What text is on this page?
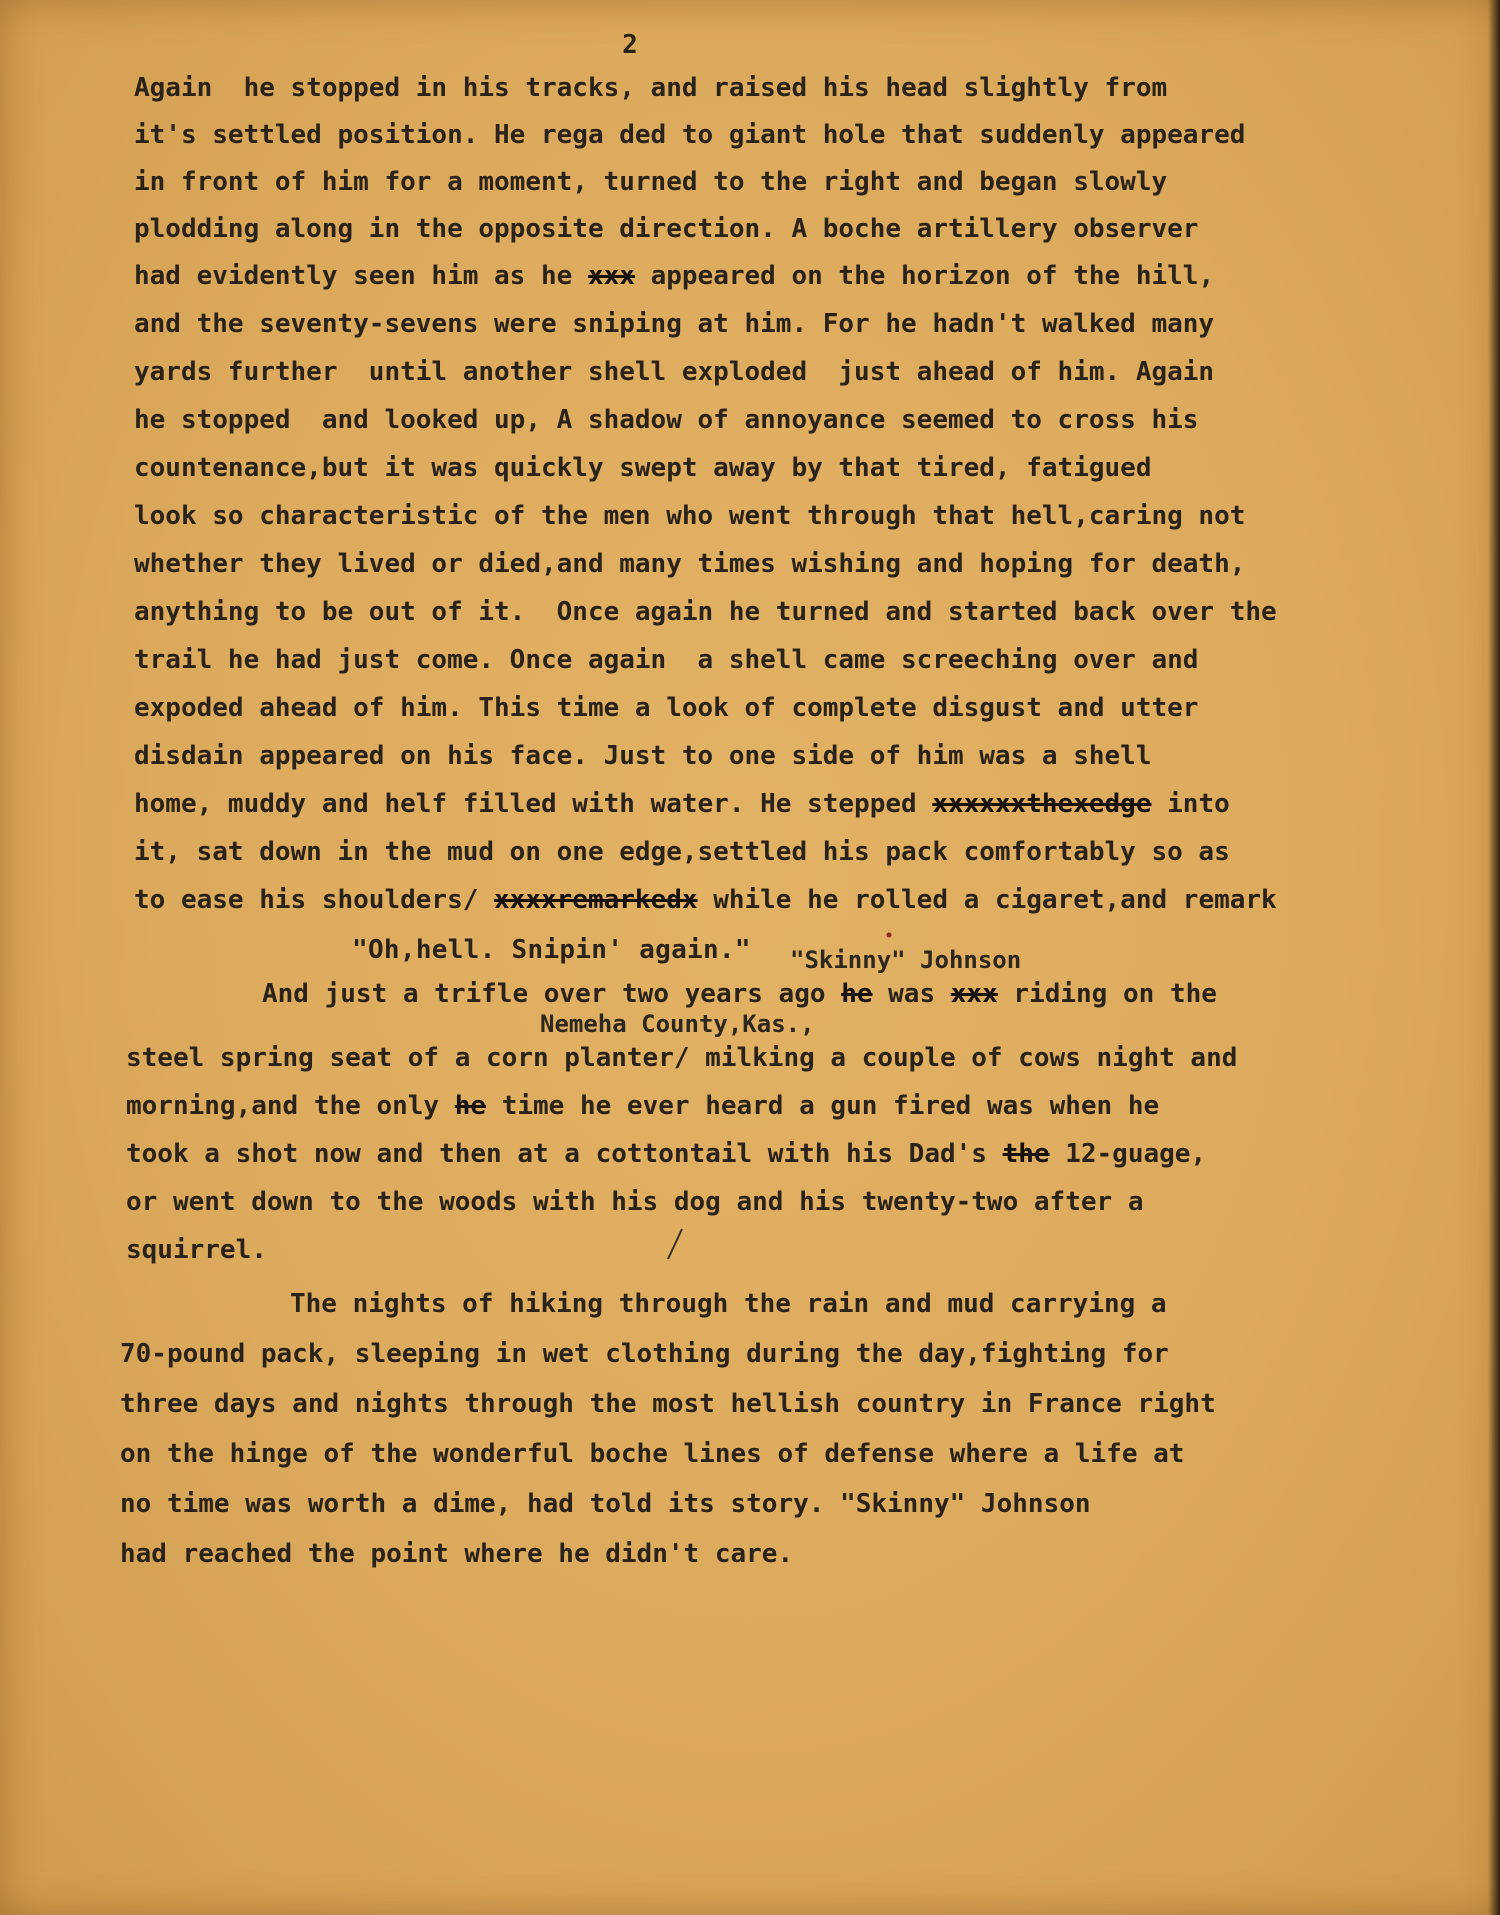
2
Again  he stopped in his tracks, and raised his head slightly from
it's settled position. He rega ded to giant hole that suddenly appeared
in front of him for a moment, turned to the right and began slowly
plodding along in the opposite direction. A boche artillery observer
had evidently seen him as he xxx appeared on the horizon of the hill,
and the seventy-sevens were sniping at him. For he hadn't walked many
yards further  until another shell exploded  just ahead of him. Again
he stopped  and looked up, A shadow of annoyance seemed to cross his
countenance,but it was quickly swept away by that tired, fatigued
look so characteristic of the men who went through that hell,caring not
whether they lived or died,and many times wishing and hoping for death,
anything to be out of it.  Once again he turned and started back over the
trail he had just come. Once again  a shell came screeching over and
expoded ahead of him. This time a look of complete disgust and utter
disdain appeared on his face. Just to one side of him was a shell
home, muddy and helf filled with water. He stepped xxxxxxthexedge into
it, sat down in the mud on one edge,settled his pack comfortably so as
to ease his shoulders/ xxxxremarkedx while he rolled a cigaret,and remark
"Oh,hell. Snipin' again." "Skinny" Johnson
And just a trifle over two years ago he was xxx riding on the
Nemeha County,Kas.,
steel spring seat of a corn planter/ milking a couple of cows night and
morning,and the only he time he ever heard a gun fired was when he
took a shot now and then at a cottontail with his Dad's the 12-guage,
or went down to the woods with his dog and his twenty-two after a
squirrel.
The nights of hiking through the rain and mud carrying a
70-pound pack, sleeping in wet clothing during the day,fighting for
three days and nights through the most hellish country in France right
on the hinge of the wonderful boche lines of defense where a life at
no time was worth a dime, had told its story. "Skinny" Johnson
had reached the point where he didn't care.
